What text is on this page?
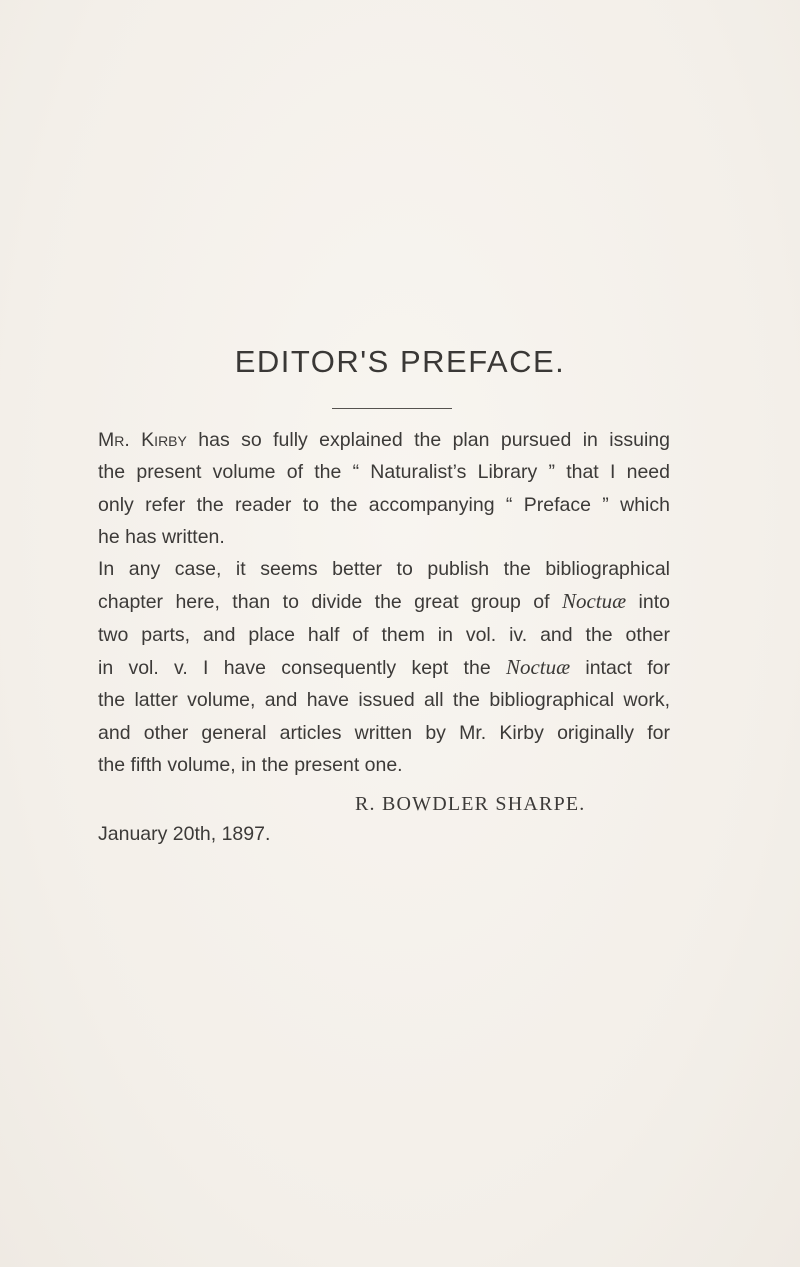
EDITOR'S PREFACE.

Mr. Kirby has so fully explained the plan pursued in issuing
the present volume of the “ Naturalist’s Library ” that I need
only refer the reader to the accompanying “ Preface ” which
he has written.

In any case, it seems better to publish the bibliographical
chapter here, than to divide the great group of Noctuæ into
two parts, and place half of them in vol. iv. and the other
in vol. v. I have consequently kept the Noctuæ intact for
the latter volume, and have issued all the bibliographical work,
and other general articles written by Mr. Kirby originally for
the fifth volume, in the present one.

R. BOWDLER SHARPE.
January 20th, 1897.
